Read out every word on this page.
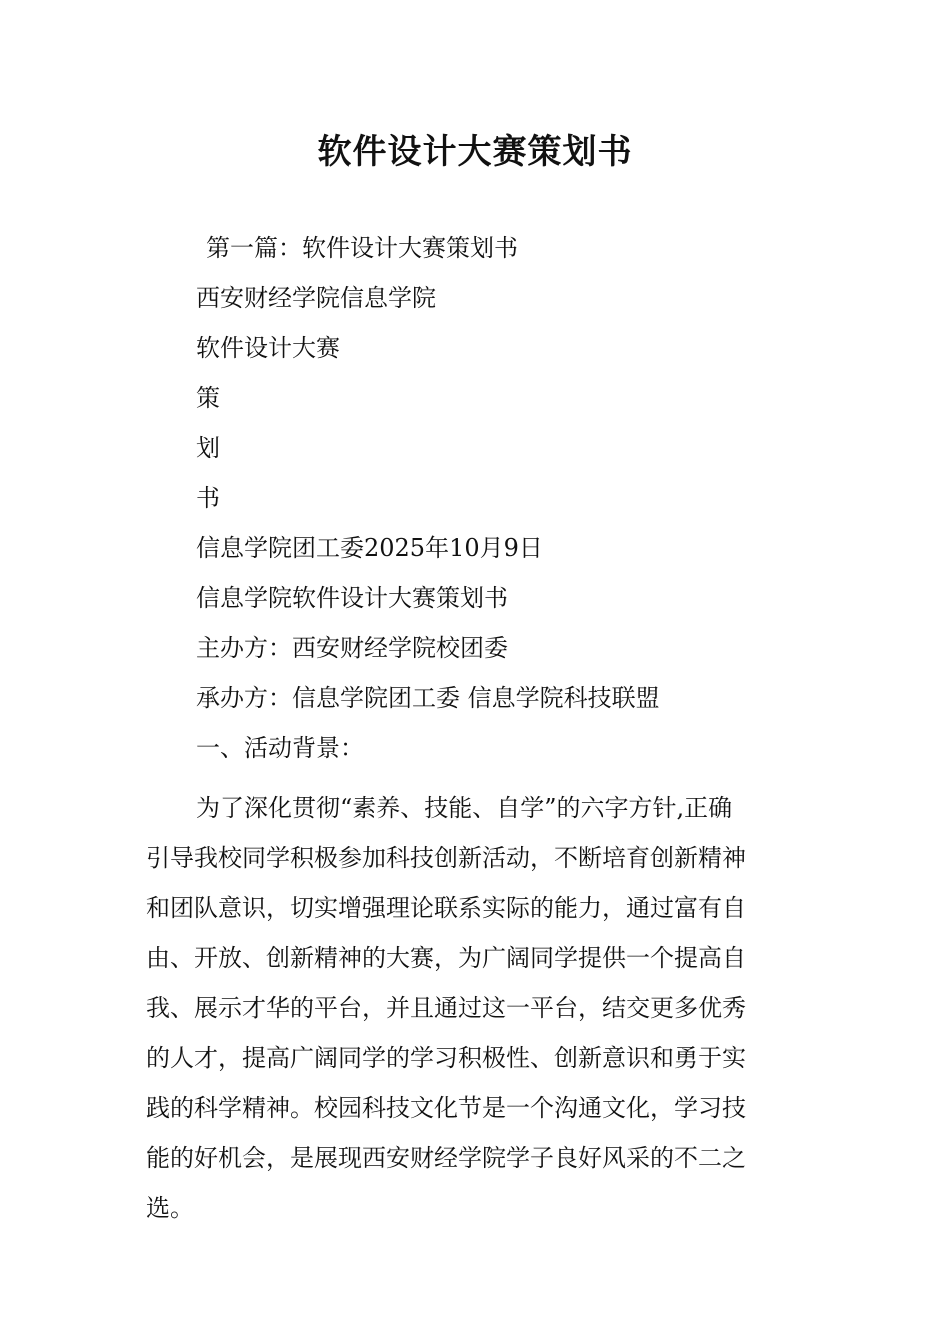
软件设计大赛策划书

第一篇：软件设计大赛策划书

西安财经学院信息学院

软件设计大赛

策

划

书

信息学院团工委2025年10月9日

信息学院软件设计大赛策划书

主办方：西安财经学院校团委

承办方：信息学院团工委 信息学院科技联盟

一、活动背景：

为了深化贯彻“素养、技能、自学”的六字方针,正确
引导我校同学积极参加科技创新活动，不断培育创新精神
和团队意识，切实增强理论联系实际的能力，通过富有自
由、开放、创新精神的大赛，为广阔同学提供一个提高自
我、展示才华的平台，并且通过这一平台，结交更多优秀
的人才，提高广阔同学的学习积极性、创新意识和勇于实
践的科学精神。校园科技文化节是一个沟通文化，学习技
能的好机会，是展现西安财经学院学子良好风采的不二之
选。
